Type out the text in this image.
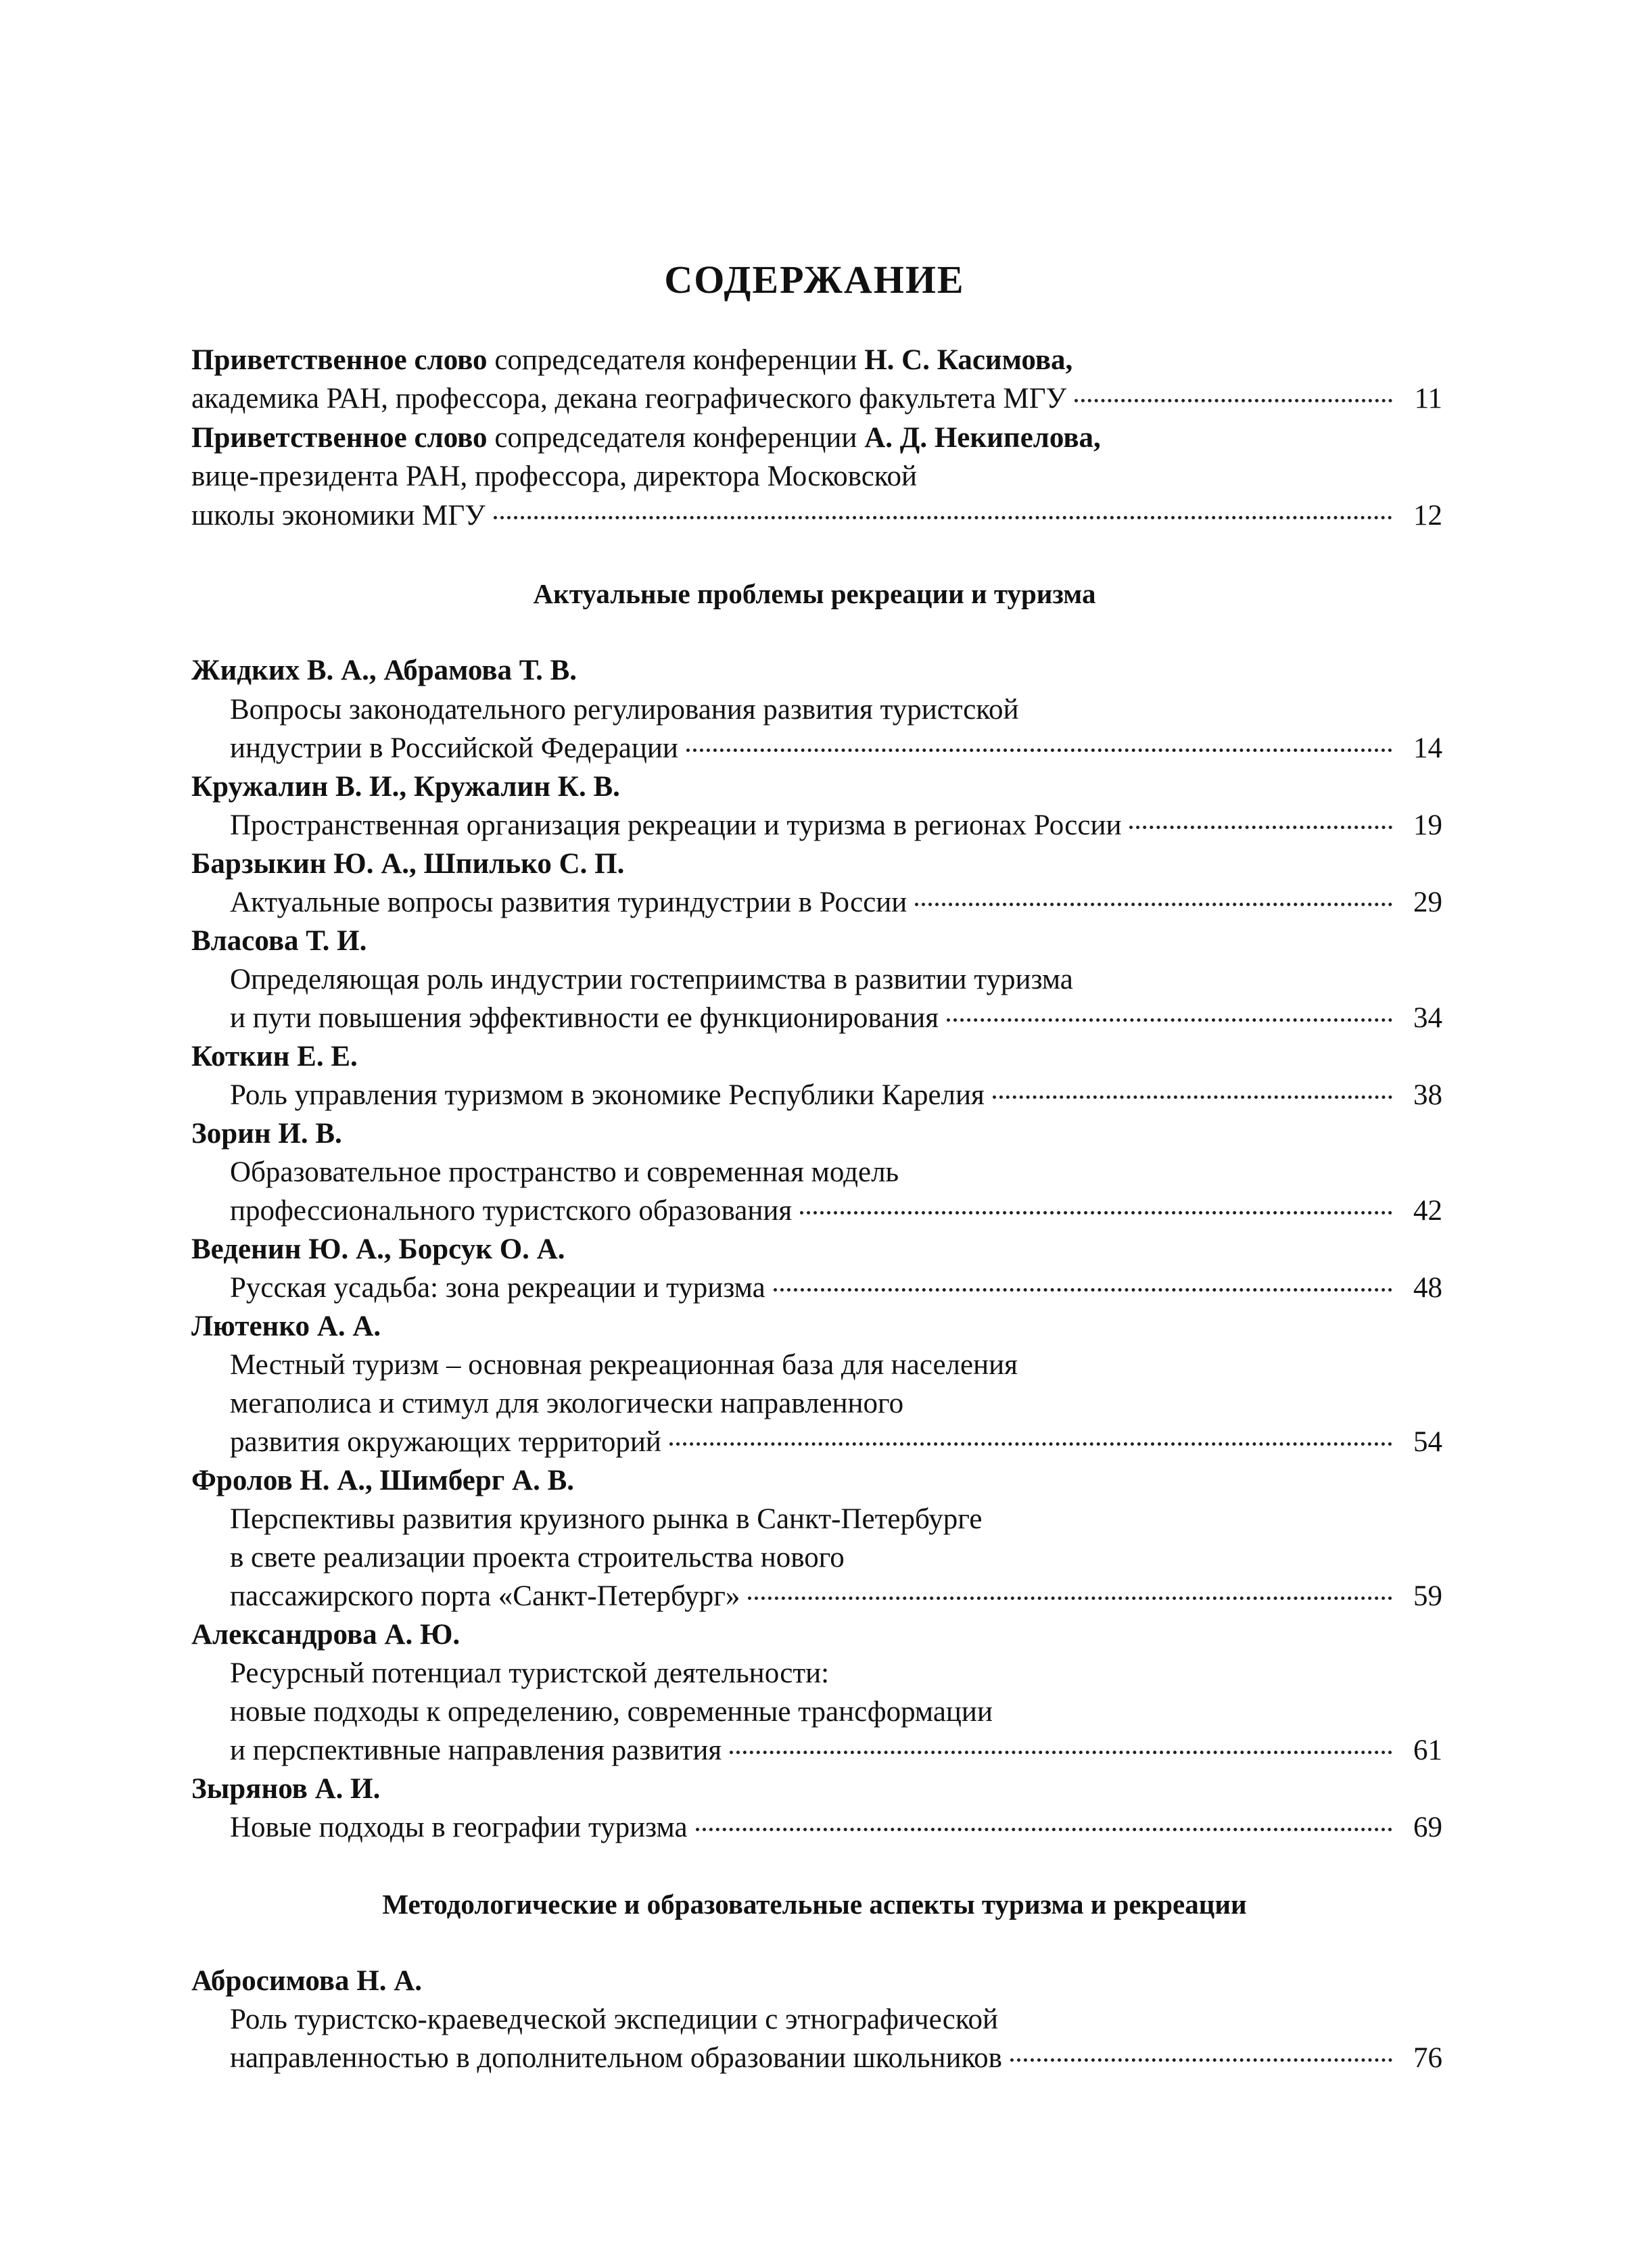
СОДЕРЖАНИЕ
Приветственное слово сопредседателя конференции Н. С. Касимова,
академика РАН, профессора, декана географического факультета МГУ	11
Приветственное слово сопредседателя конференции А. Д. Некипелова,
вице-президента РАН, профессора, директора Московской
школы экономики МГУ	12
Актуальные проблемы рекреации и туризма
Жидких В. А., Абрамова Т. В.
Вопросы законодательного регулирования развития туристской
индустрии в Российской Федерации	14
Кружалин В. И., Кружалин К. В.
Пространственная организация рекреации и туризма в регионах России	19
Барзыкин Ю. А., Шпилько С. П.
Актуальные вопросы развития туриндустрии в России	29
Власова Т. И.
Определяющая роль индустрии гостеприимства в развитии туризма
и пути повышения эффективности ее функционирования	34
Коткин Е. Е.
Роль управления туризмом в экономике Республики Карелия	38
Зорин И. В.
Образовательное пространство и современная модель
профессионального туристского образования	42
Веденин Ю. А., Борсук О. А.
Русская усадьба: зона рекреации и туризма	48
Лютенко А. А.
Местный туризм – основная рекреационная база для населения
мегаполиса и стимул для экологически направленного
развития окружающих территорий	54
Фролов Н. А., Шимберг А. В.
Перспективы развития круизного рынка в Санкт-Петербурге
в свете реализации проекта строительства нового
пассажирского порта «Санкт-Петербург»	59
Александрова А. Ю.
Ресурсный потенциал туристской деятельности:
новые подходы к определению, современные трансформации
и перспективные направления развития	61
Зырянов А. И.
Новые подходы в географии туризма	69
Методологические и образовательные аспекты туризма и рекреации
Абросимова Н. А.
Роль туристско-краеведческой экспедиции с этнографической
направленностью в дополнительном образовании школьников	76
